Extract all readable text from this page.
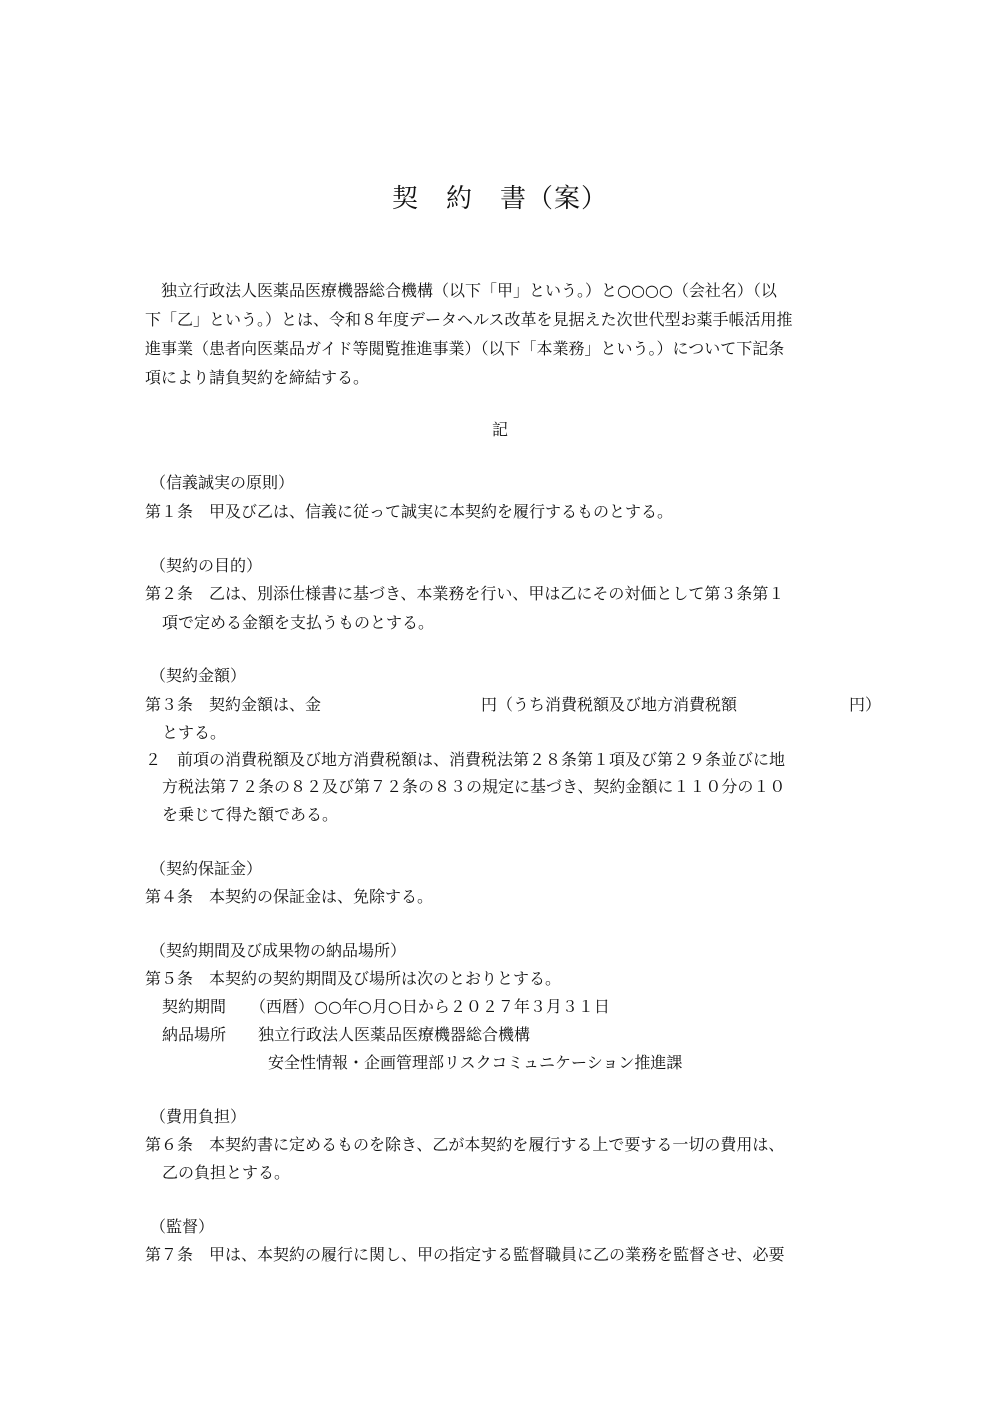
契　約　書（案）
　独立行政法人医薬品医療機器総合機構（以下「甲」という。）と○○○○（会社名）（以
下「乙」という。）とは、令和８年度データヘルス改革を見据えた次世代型お薬手帳活用推
進事業（患者向医薬品ガイド等閲覧推進事業）（以下「本業務」という。）について下記条
項により請負契約を締結する。
記
（信義誠実の原則）
第１条　甲及び乙は、信義に従って誠実に本契約を履行するものとする。
（契約の目的）
第２条　乙は、別添仕様書に基づき、本業務を行い、甲は乙にその対価として第３条第１
項で定める金額を支払うものとする。
（契約金額）
第３条　契約金額は、金　　　　　　　　　　円（うち消費税額及び地方消費税額　　　　　　　円）
とする。
２　前項の消費税額及び地方消費税額は、消費税法第２８条第１項及び第２９条並びに地
方税法第７２条の８２及び第７２条の８３の規定に基づき、契約金額に１１０分の１０
を乗じて得た額である。
（契約保証金）
第４条　本契約の保証金は、免除する。
（契約期間及び成果物の納品場所）
第５条　本契約の契約期間及び場所は次のとおりとする。
契約期間　　（西暦）○○年○月○日から２０２７年３月３１日
納品場所　　独立行政法人医薬品医療機器総合機構
安全性情報・企画管理部リスクコミュニケーション推進課
（費用負担）
第６条　本契約書に定めるものを除き、乙が本契約を履行する上で要する一切の費用は、
乙の負担とする。
（監督）
第７条　甲は、本契約の履行に関し、甲の指定する監督職員に乙の業務を監督させ、必要
